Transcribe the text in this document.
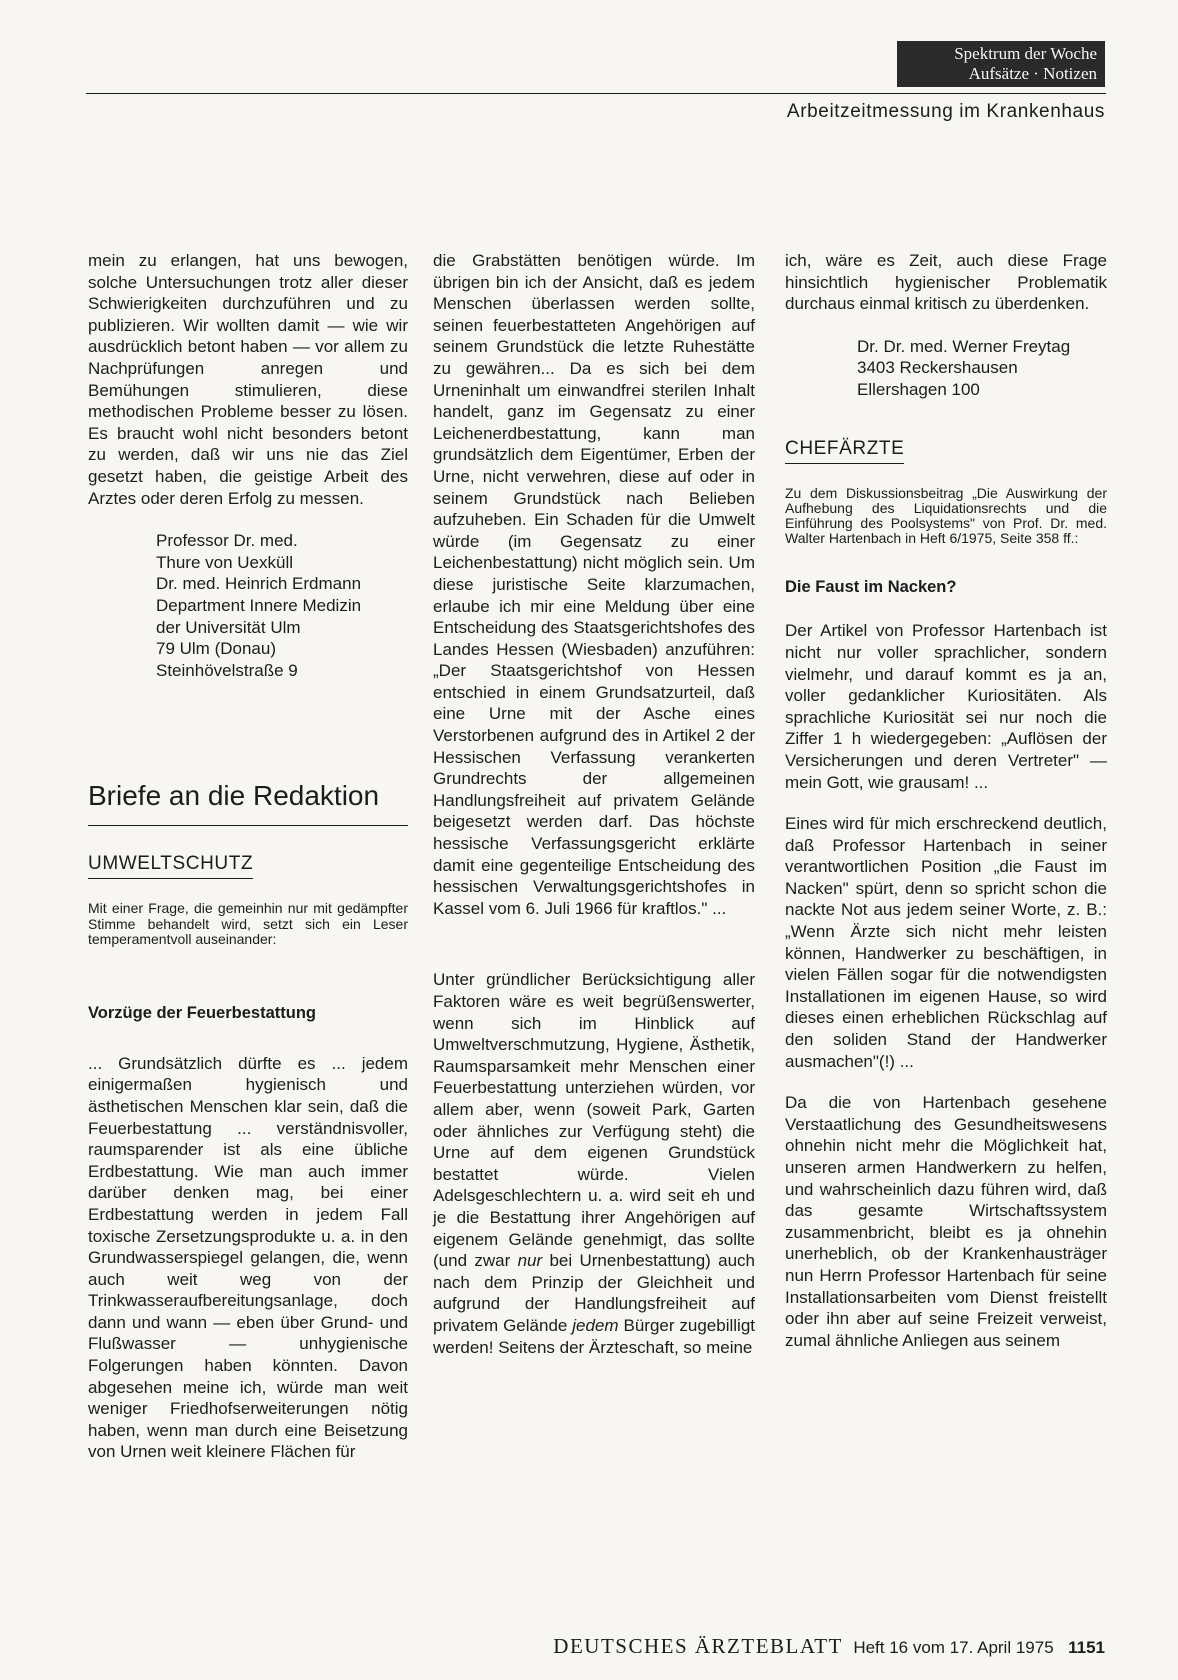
Spektrum der Woche
Aufsätze · Notizen
Arbeitzeitmessung im Krankenhaus

mein zu erlangen, hat uns bewogen, solche Untersuchungen trotz aller dieser Schwierigkeiten durchzuführen und zu publizieren. Wir wollten damit — wie wir ausdrücklich betont haben — vor allem zu Nachprüfungen anregen und Bemühungen stimulieren, diese methodischen Probleme besser zu lösen. Es braucht wohl nicht besonders betont zu werden, daß wir uns nie das Ziel gesetzt haben, die geistige Arbeit des Arztes oder deren Erfolg zu messen.

Professor Dr. med.
Thure von Uexküll
Dr. med. Heinrich Erdmann
Department Innere Medizin
der Universität Ulm
79 Ulm (Donau)
Steinhövelstraße 9
Briefe an die Redaktion
UMWELTSCHUTZ

Mit einer Frage, die gemeinhin nur mit gedämpfter Stimme behandelt wird, setzt sich ein Leser temperamentvoll auseinander:

Vorzüge der Feuerbestattung

... Grundsätzlich dürfte es ... jedem einigermaßen hygienisch und ästhetischen Menschen klar sein, daß die Feuerbestattung ... verständnisvoller, raumsparender ist als eine übliche Erdbestattung. Wie man auch immer darüber denken mag, bei einer Erdbestattung werden in jedem Fall toxische Zersetzungsprodukte u. a. in den Grundwasserspiegel gelangen, die, wenn auch weit weg von der Trinkwasseraufbereitungsanlage, doch dann und wann — eben über Grund- und Flußwasser — unhygienische Folgerungen haben könnten. Davon abgesehen meine ich, würde man weit weniger Friedhofserweiterungen nötig haben, wenn man durch eine Beisetzung von Urnen weit kleinere Flächen für

die Grabstätten benötigen würde. Im übrigen bin ich der Ansicht, daß es jedem Menschen überlassen werden sollte, seinen feuerbestatteten Angehörigen auf seinem Grundstück die letzte Ruhestätte zu gewähren... Da es sich bei dem Urneninhalt um einwandfrei sterilen Inhalt handelt, ganz im Gegensatz zu einer Leichenerdbestattung, kann man grundsätzlich dem Eigentümer, Erben der Urne, nicht verwehren, diese auf oder in seinem Grundstück nach Belieben aufzuheben. Ein Schaden für die Umwelt würde (im Gegensatz zu einer Leichenbestattung) nicht möglich sein. Um diese juristische Seite klarzumachen, erlaube ich mir eine Meldung über eine Entscheidung des Staatsgerichtshofes des Landes Hessen (Wiesbaden) anzuführen: „Der Staatsgerichtshof von Hessen entschied in einem Grundsatzurteil, daß eine Urne mit der Asche eines Verstorbenen aufgrund des in Artikel 2 der Hessischen Verfassung verankerten Grundrechts der allgemeinen Handlungsfreiheit auf privatem Gelände beigesetzt werden darf. Das höchste hessische Verfassungsgericht erklärte damit eine gegenteilige Entscheidung des hessischen Verwaltungsgerichtshofes in Kassel vom 6. Juli 1966 für kraftlos." ...

Unter gründlicher Berücksichtigung aller Faktoren wäre es weit begrüßenswerter, wenn sich im Hinblick auf Umweltverschmutzung, Hygiene, Ästhetik, Raumsparsamkeit mehr Menschen einer Feuerbestattung unterziehen würden, vor allem aber, wenn (soweit Park, Garten oder ähnliches zur Verfügung steht) die Urne auf dem eigenen Grundstück bestattet würde. Vielen Adelsgeschlechtern u. a. wird seit eh und je die Bestattung ihrer Angehörigen auf eigenem Gelände genehmigt, das sollte (und zwar nur bei Urnenbestattung) auch nach dem Prinzip der Gleichheit und aufgrund der Handlungsfreiheit auf privatem Gelände jedem Bürger zugebilligt werden! Seitens der Ärzteschaft, so meine

ich, wäre es Zeit, auch diese Frage hinsichtlich hygienischer Problematik durchaus einmal kritisch zu überdenken.

Dr. Dr. med. Werner Freytag
3403 Reckershausen
Ellershagen 100
CHEFÄRZTE

Zu dem Diskussionsbeitrag „Die Auswirkung der Aufhebung des Liquidationsrechts und die Einführung des Poolsystems" von Prof. Dr. med. Walter Hartenbach in Heft 6/1975, Seite 358 ff.:

Die Faust im Nacken?

Der Artikel von Professor Hartenbach ist nicht nur voller sprachlicher, sondern vielmehr, und darauf kommt es ja an, voller gedanklicher Kuriositäten. Als sprachliche Kuriosität sei nur noch die Ziffer 1 h wiedergegeben: „Auflösen der Versicherungen und deren Vertreter" — mein Gott, wie grausam! ...

Eines wird für mich erschreckend deutlich, daß Professor Hartenbach in seiner verantwortlichen Position „die Faust im Nacken" spürt, denn so spricht schon die nackte Not aus jedem seiner Worte, z. B.: „Wenn Ärzte sich nicht mehr leisten können, Handwerker zu beschäftigen, in vielen Fällen sogar für die notwendigsten Installationen im eigenen Hause, so wird dieses einen erheblichen Rückschlag auf den soliden Stand der Handwerker ausmachen"(!) ...

Da die von Hartenbach gesehene Verstaatlichung des Gesundheitswesens ohnehin nicht mehr die Möglichkeit hat, unseren armen Handwerkern zu helfen, und wahrscheinlich dazu führen wird, daß das gesamte Wirtschaftssystem zusammenbricht, bleibt es ja ohnehin unerheblich, ob der Krankenhausträger nun Herrn Professor Hartenbach für seine Installationsarbeiten vom Dienst freistellt oder ihn aber auf seine Freizeit verweist, zumal ähnliche Anliegen aus seinem

DEUTSCHES ÄRZTEBLATT Heft 16 vom 17. April 1975 1151
